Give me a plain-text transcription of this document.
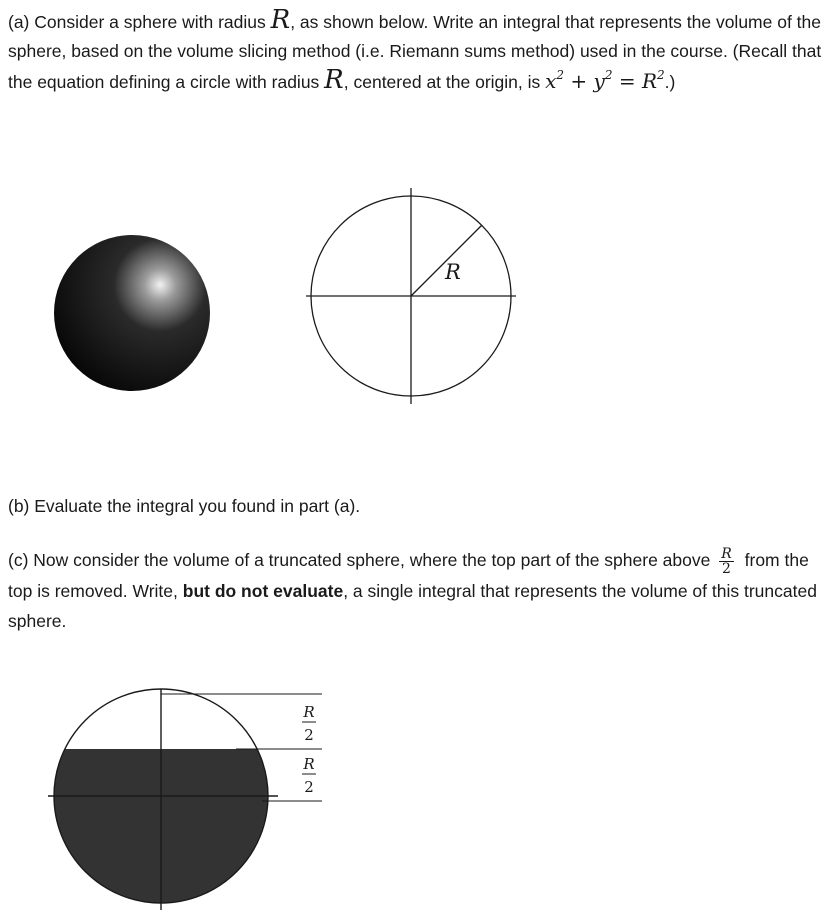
(a) Consider a sphere with radius R, as shown below. Write an integral that represents the volume of the sphere, based on the volume slicing method (i.e. Riemann sums method) used in the course. (Recall that the equation defining a circle with radius R, centered at the origin, is $x^2 + y^2 = R^2$.)
R
R
2
R
2
(b) Evaluate the integral you found in part (a).
(c) Now consider the volume of a truncated sphere, where the top part of the sphere above $\frac{R}{2}$ from the top is removed. Write, but do not evaluate, a single integral that represents the volume of this truncated sphere.
